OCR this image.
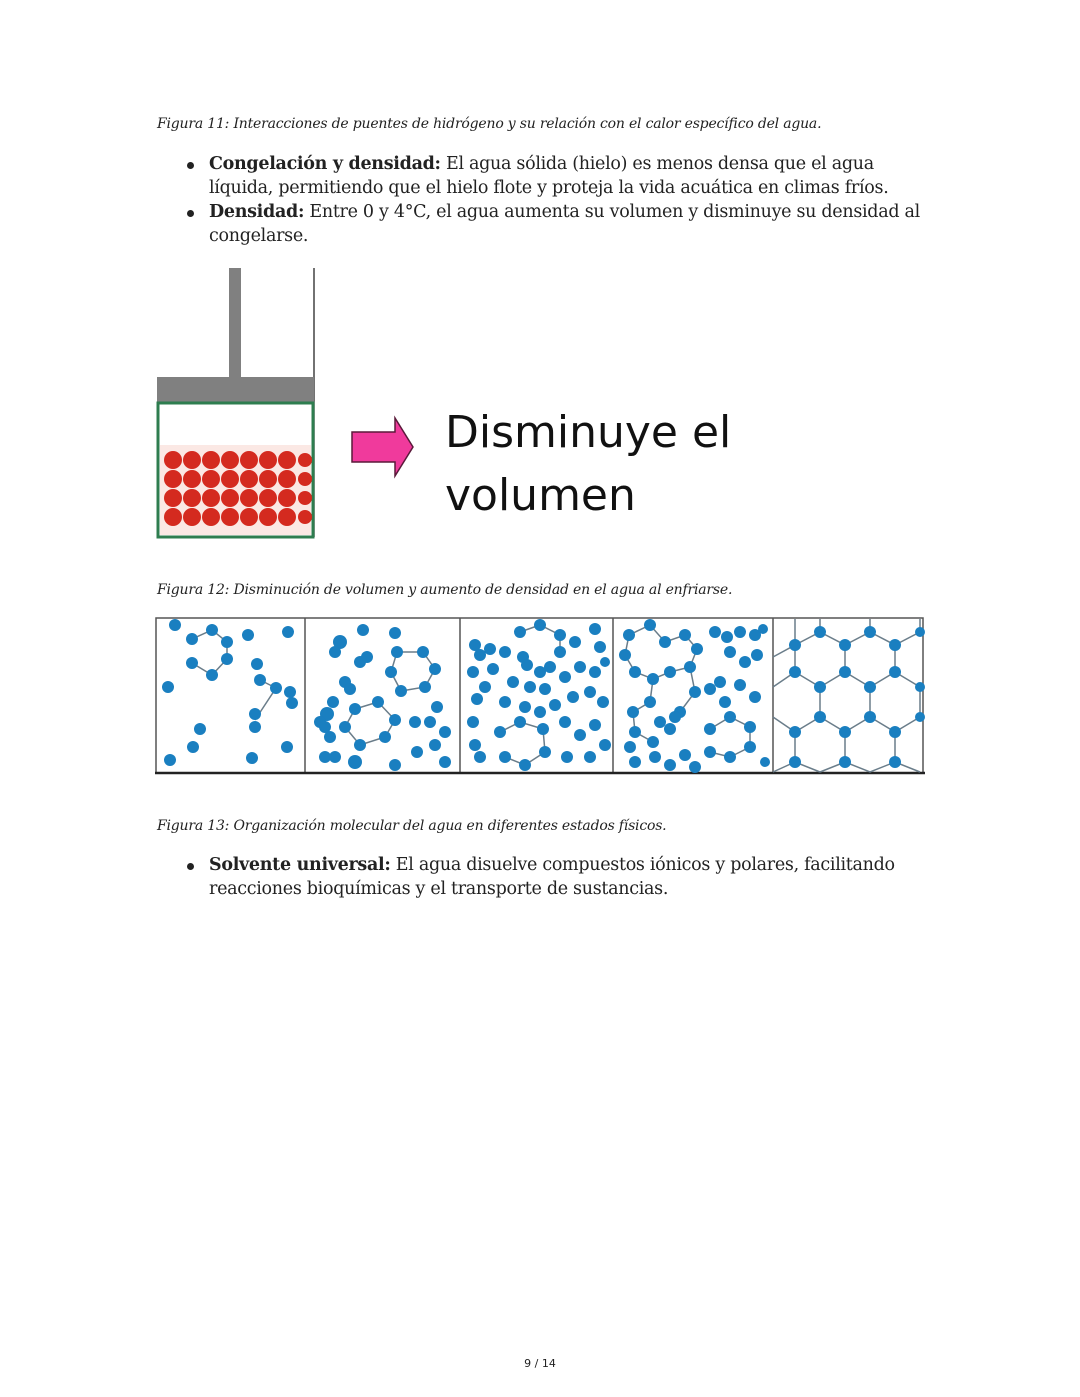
Figura 11: Interacciones de puentes de hidrógeno y su relación con el calor específico del agua.
Congelación y densidad: El agua sólida (hielo) es menos densa que el agua líquida, permitiendo que el hielo flote y proteja la vida acuática en climas fríos.
Densidad: Entre 0 y 4°C, el agua aumenta su volumen y disminuye su densidad al congelarse.
Disminuye el
volumen
Figura 12: Disminución de volumen y aumento de densidad en el agua al enfriarse.
Figura 13: Organización molecular del agua en diferentes estados físicos.
Solvente universal: El agua disuelve compuestos iónicos y polares, facilitando reacciones bioquímicas y el transporte de sustancias.
9 / 14
